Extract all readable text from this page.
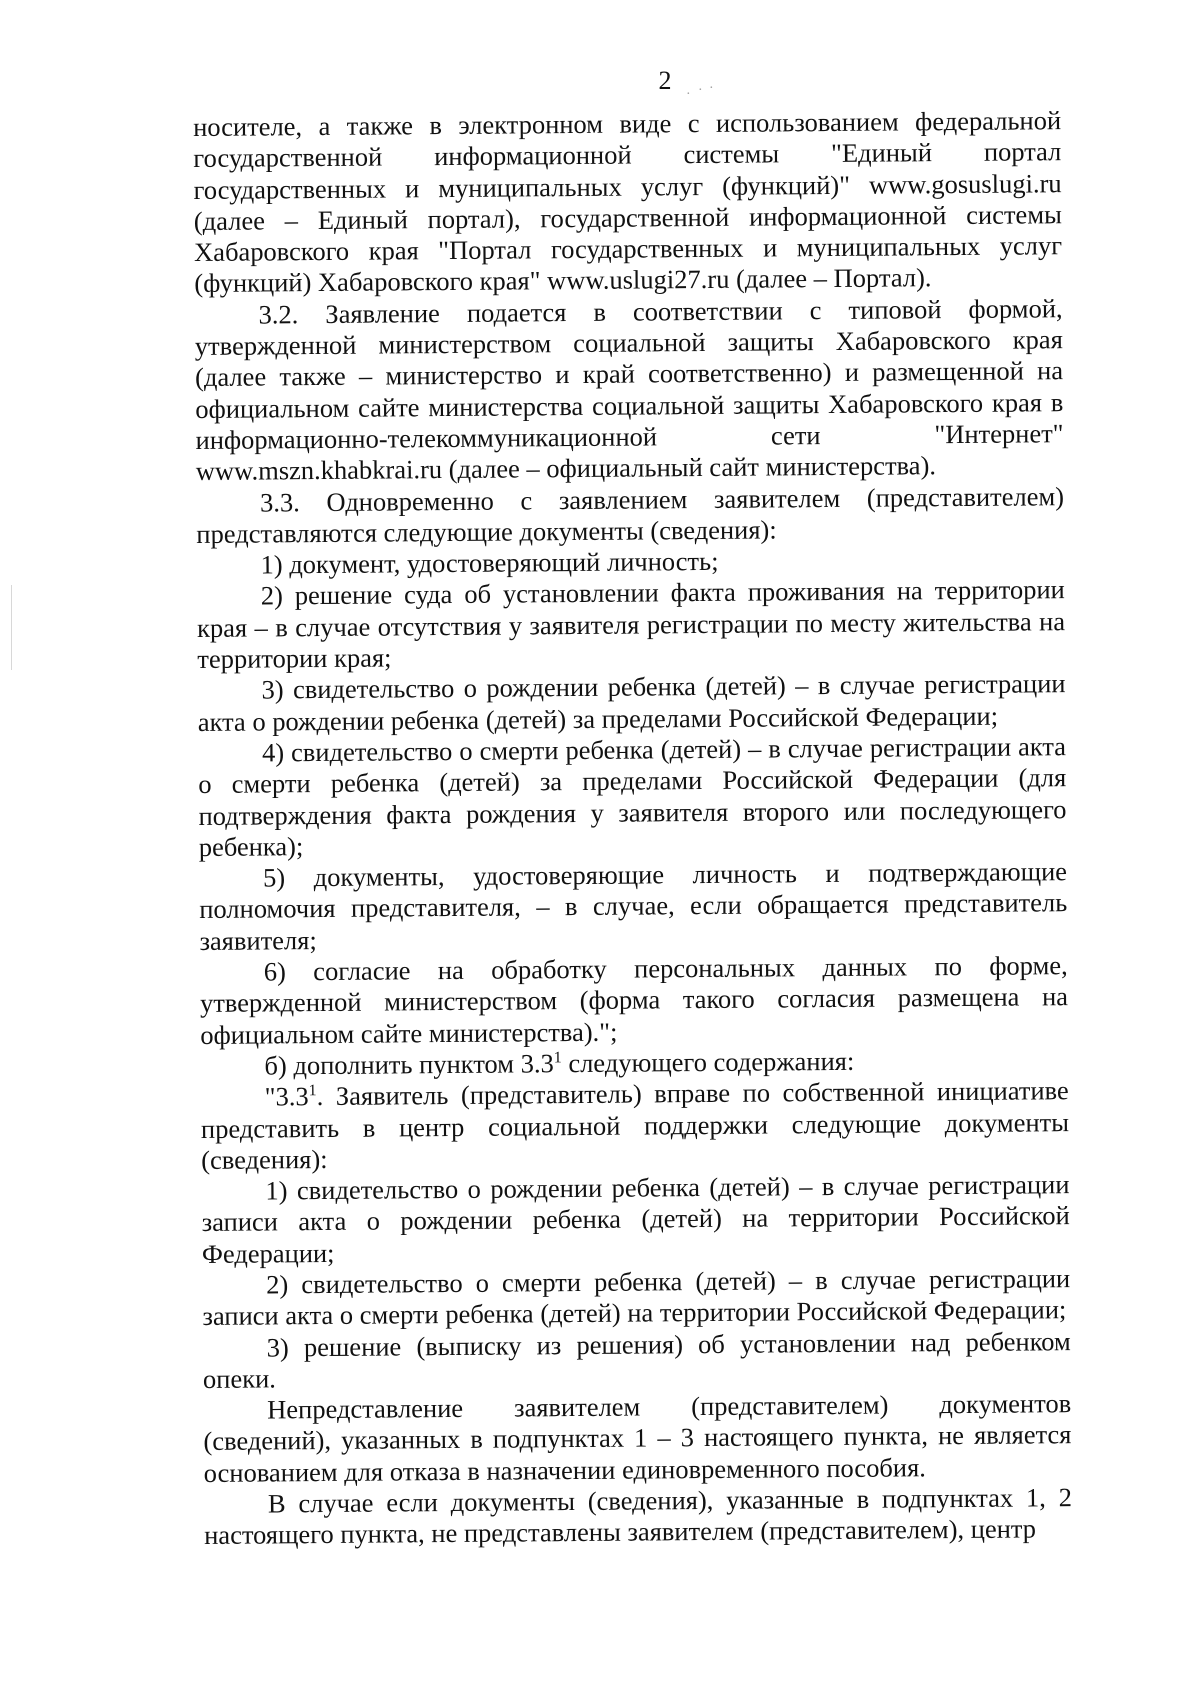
· · ·
2

носителе, а также в электронном виде с использованием федеральной государственной информационной системы "Единый портал государственных и муниципальных услуг (функций)" www.gosuslugi.ru (далее – Единый портал), государственной информационной системы Хабаровского края "Портал государственных и муниципальных услуг (функций) Хабаровского края" www.uslugi27.ru (далее – Портал).

3.2. Заявление подается в соответствии с типовой формой, утвержденной министерством социальной защиты Хабаровского края (далее также – министерство и край соответственно) и размещенной на официальном сайте министерства социальной защиты Хабаровского края в информационно-телекоммуникационной сети "Интернет" www.mszn.khabkrai.ru (далее – официальный сайт министерства).

3.3. Одновременно с заявлением заявителем (представителем) представляются следующие документы (сведения):

1) документ, удостоверяющий личность;

2) решение суда об установлении факта проживания на территории края – в случае отсутствия у заявителя регистрации по месту жительства на территории края;

3) свидетельство о рождении ребенка (детей) – в случае регистрации акта о рождении ребенка (детей) за пределами Российской Федерации;

4) свидетельство о смерти ребенка (детей) – в случае регистрации акта о смерти ребенка (детей) за пределами Российской Федерации (для подтверждения факта рождения у заявителя второго или последующего ребенка);

5) документы, удостоверяющие личность и подтверждающие полномочия представителя, – в случае, если обращается представитель заявителя;

6) согласие на обработку персональных данных по форме, утвержденной министерством (форма такого согласия размещена на официальном сайте министерства).";

б) дополнить пунктом $3.3^1$ следующего содержания:

"$3.3^1$. Заявитель (представитель) вправе по собственной инициативе представить в центр социальной поддержки следующие документы (сведения):

1) свидетельство о рождении ребенка (детей) – в случае регистрации записи акта о рождении ребенка (детей) на территории Российской Федерации;

2) свидетельство о смерти ребенка (детей) – в случае регистрации записи акта о смерти ребенка (детей) на территории Российской Федерации;

3) решение (выписку из решения) об установлении над ребенком опеки.

Непредставление заявителем (представителем) документов (сведений), указанных в подпунктах 1 – 3 настоящего пункта, не является основанием для отказа в назначении единовременного пособия.

В случае если документы (сведения), указанные в подпунктах 1, 2 настоящего пункта, не представлены заявителем (представителем), центр
